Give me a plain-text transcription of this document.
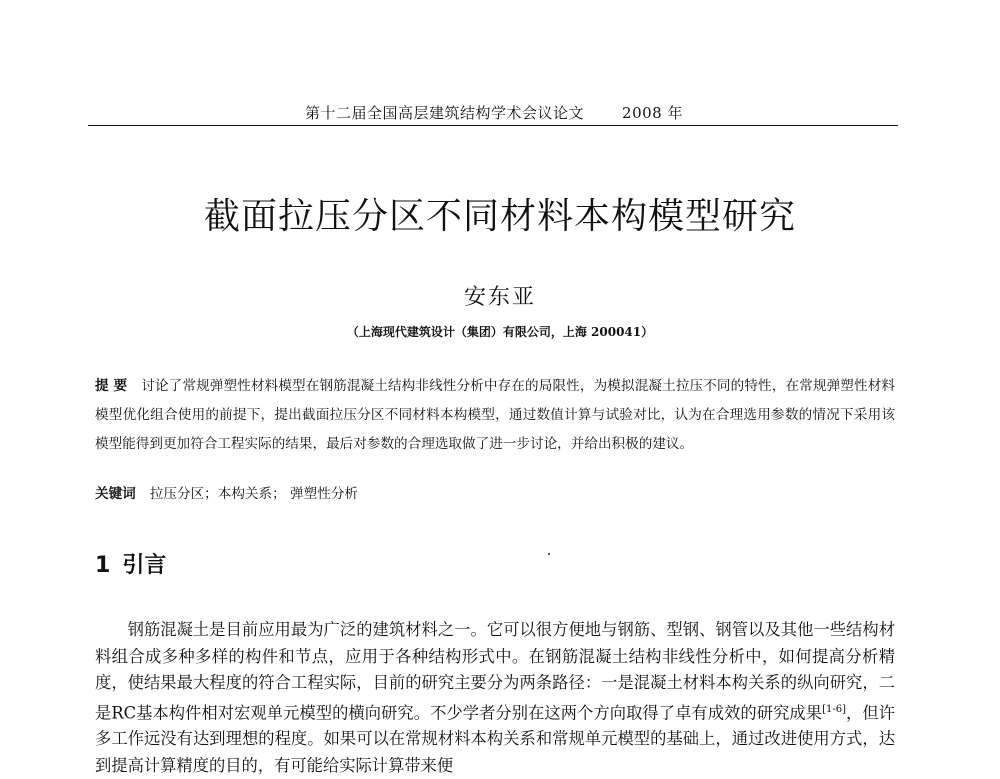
第十二届全国高层建筑结构学术会议论文	2008 年
截面拉压分区不同材料本构模型研究
安东亚
（上海现代建筑设计（集团）有限公司，上海 200041）
提 要 讨论了常规弹塑性材料模型在钢筋混凝土结构非线性分析中存在的局限性，为模拟混凝土拉压不同的特性，在常规弹塑性材料模型优化组合使用的前提下，提出截面拉压分区不同材料本构模型，通过数值计算与试验对比，认为在合理选用参数的情况下采用该模型能得到更加符合工程实际的结果，最后对参数的合理选取做了进一步讨论，并给出积极的建议。
关键词 拉压分区；本构关系； 弹塑性分析
1 引言
钢筋混凝土是目前应用最为广泛的建筑材料之一。它可以很方便地与钢筋、型钢、钢管以及其他一些结构材料组合成多种多样的构件和节点，应用于各种结构形式中。在钢筋混凝土结构非线性分析中，如何提高分析精度，使结果最大程度的符合工程实际，目前的研究主要分为两条路径：一是混凝土材料本构关系的纵向研究，二是RC基本构件相对宏观单元模型的横向研究。不少学者分别在这两个方向取得了卓有成效的研究成果[1-6]，但许多工作远没有达到理想的程度。如果可以在常规材料本构关系和常规单元模型的基础上，通过改进使用方式，达到提高计算精度的目的，有可能给实际计算带来便
